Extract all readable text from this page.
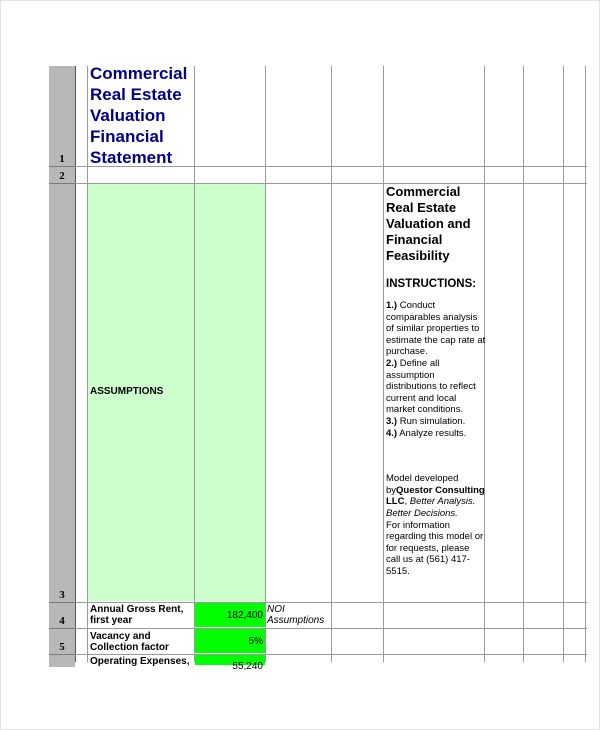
1
2
3
4
5
Commercial Real Estate Valuation Financial Statement
ASSUMPTIONS
Commercial Real Estate Valuation and Financial Feasibility
INSTRUCTIONS:
1.) Conduct comparables analysis of similar properties to estimate the cap rate at purchase.
2.) Define all assumption distributions to reflect current and local market conditions.
3.) Run simulation.
4.) Analyze results.
Model developed byQuestor Consulting LLC, Better Analysis. Better Decisions.
For information regarding this model or for requests, please call us at (561) 417-5515.
Annual Gross Rent, first year	182,400
NOI Assumptions
Vacancy and Collection factor
5%
Operating Expenses,	55,240
